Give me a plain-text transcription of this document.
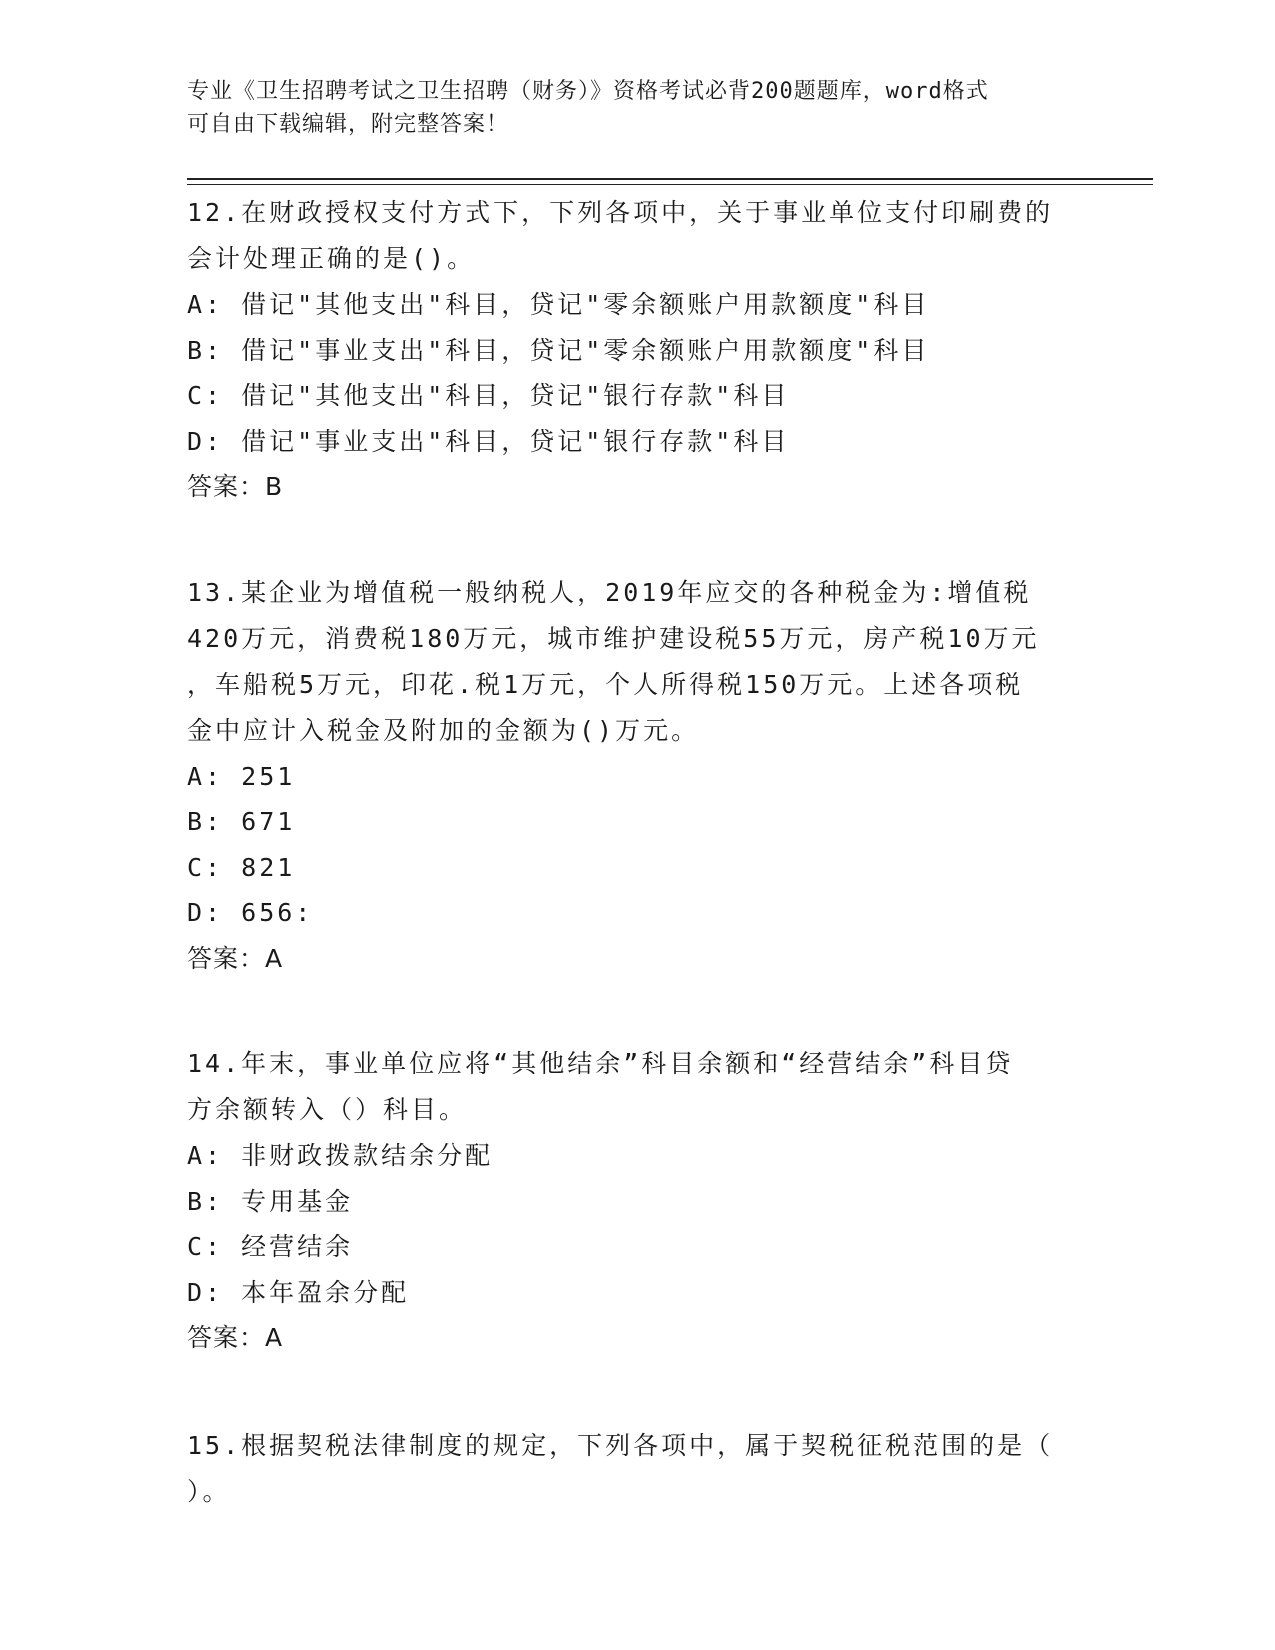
专业《卫生招聘考试之卫生招聘（财务）》资格考试必背200题题库，word格式
可自由下载编辑，附完整答案！
12.在财政授权支付方式下，下列各项中，关于事业单位支付印刷费的
会计处理正确的是()。
A: 借记"其他支出"科目，贷记"零余额账户用款额度"科目
B: 借记"事业支出"科目，贷记"零余额账户用款额度"科目
C: 借记"其他支出"科目，贷记"银行存款"科目
D: 借记"事业支出"科目，贷记"银行存款"科目
答案：B
13.某企业为增值税一般纳税人，2019年应交的各种税金为:增值税
420万元，消费税180万元，城市维护建设税55万元，房产税10万元
，车船税5万元，印花.税1万元，个人所得税150万元。上述各项税
金中应计入税金及附加的金额为()万元。
A: 251
B: 671
C: 821
D: 656:
答案：A
14.年末，事业单位应将“其他结余”科目余额和“经营结余”科目贷
方余额转入（）科目。
A: 非财政拨款结余分配
B: 专用基金
C: 经营结余
D: 本年盈余分配
答案：A
15.根据契税法律制度的规定，下列各项中，属于契税征税范围的是（
）。
